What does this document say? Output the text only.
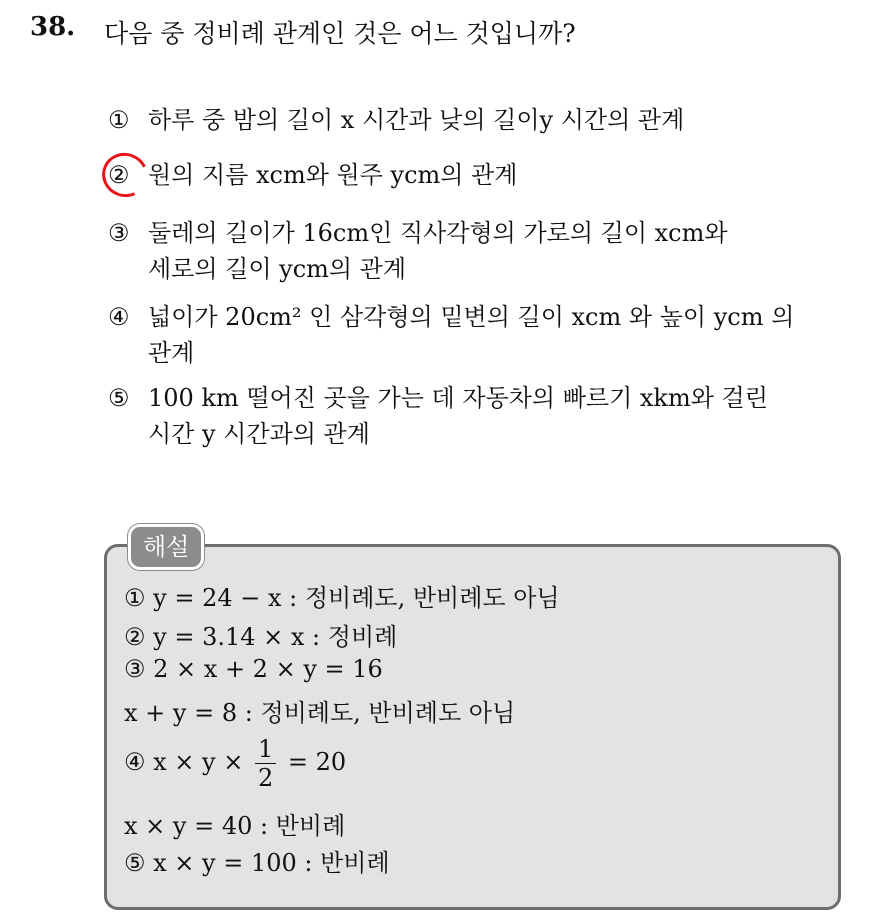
38. 다음 중 정비례 관계인 것은 어느 것입니까?
① 하루 중 밤의 길이 x 시간과 낮의 길이y 시간의 관계
② 원의 지름 xcm와 원주 ycm의 관계
③ 둘레의 길이가 16cm인 직사각형의 가로의 길이 xcm와
세로의 길이 ycm의 관계
④ 넓이가 20cm² 인 삼각형의 밑변의 길이 xcm 와 높이 ycm 의
관계
⑤ 100 km 떨어진 곳을 가는 데 자동차의 빠르기 xkm와 걸린
시간 y 시간과의 관계
해설
① y = 24 − x : 정비례도, 반비례도 아님
② y = 3.14 × x : 정비례
③ 2 × x + 2 × y = 16
x + y = 8 : 정비례도, 반비례도 아님
④ $x \times y \times \frac{1}{2} = 20$
x × y = 40 : 반비례
⑤ x × y = 100 : 반비례
